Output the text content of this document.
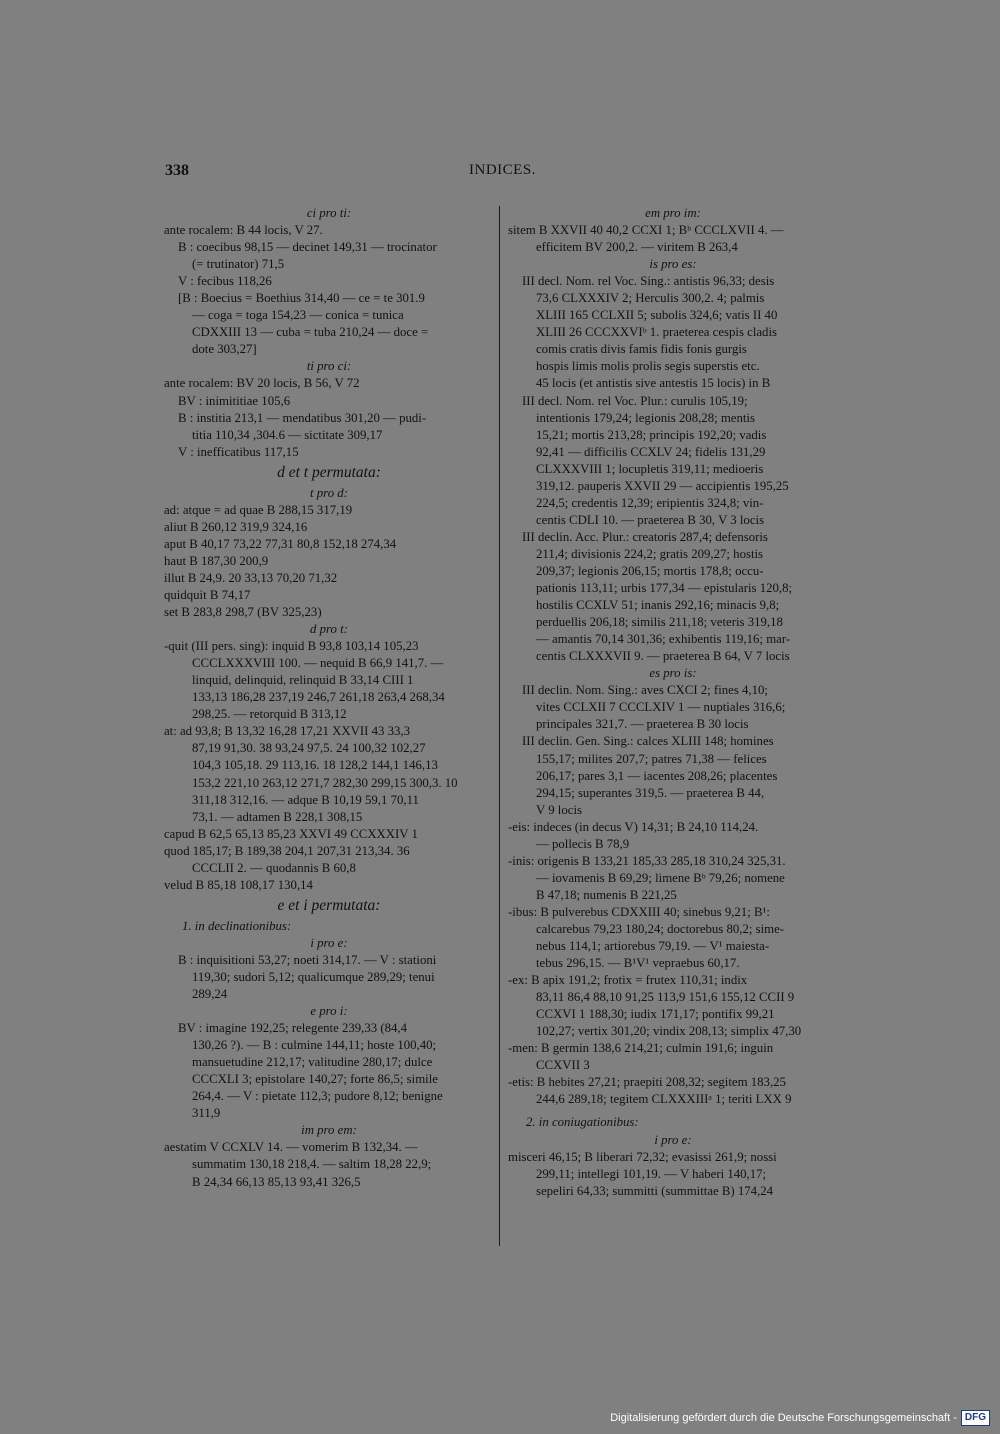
338	INDICES.
ci pro ti:
ante rocalem: B 44 locis, V 27.
B : coecibus 98,15 — decinet 149,31 — trocinator
(= trutinator) 71,5
V : fecibus 118,26
[B : Boecius = Boethius 314,40 — ce = te 301.9
— coga = toga 154,23 — conica = tunica
CDXXIII 13 — cuba = tuba 210,24 — doce =
dote 303,27]
ti pro ci:
ante rocalem: BV 20 locis, B 56, V 72
BV : inimititiae 105,6
B : institia 213,1 — mendatibus 301,20 — pudi-
titia 110,34 ,304.6 — sictitate 309,17
V : inefficatibus 117,15
d et t permutata:
t pro d:
ad: atque = ad quae B 288,15 317,19
aliut B 260,12 319,9 324,16
aput B 40,17 73,22 77,31 80,8 152,18 274,34
haut B 187,30 200,9
illut B 24,9. 20 33,13 70,20 71,32
quidquit B 74,17
set B 283,8 298,7 (BV 325,23)
d pro t:
-quit (III pers. sing): inquid B 93,8 103,14 105,23
CCCLXXXVIII 100. — nequid B 66,9 141,7. —
linquid, delinquid, relinquid B 33,14 CIII 1
133,13 186,28 237,19 246,7 261,18 263,4 268,34
298,25. — retorquid B 313,12
at: ad 93,8; B 13,32 16,28 17,21 XXVII 43 33,3
87,19 91,30. 38 93,24 97,5. 24 100,32 102,27
104,3 105,18. 29 113,16. 18 128,2 144,1 146,13
153,2 221,10 263,12 271,7 282,30 299,15 300,3. 10
311,18 312,16. — adque B 10,19 59,1 70,11
73,1. — adtamen B 228,1 308,15
capud B 62,5 65,13 85,23 XXVI 49 CCXXXIV 1
quod 185,17; B 189,38 204,1 207,31 213,34. 36
CCCLII 2. — quodannis B 60,8
velud B 85,18 108,17 130,14
e et i permutata:
1. in declinationibus:
i pro e:
B : inquisitioni 53,27; noeti 314,17. — V : stationi
119,30; sudori 5,12; qualicumque 289,29; tenui
289,24
e pro i:
BV : imagine 192,25; relegente 239,33 (84,4
130,26 ?). — B : culmine 144,11; hoste 100,40;
mansuetudine 212,17; valitudine 280,17; dulce
CCCXLI 3; epistolare 140,27; forte 86,5; simile
264,4. — V : pietate 112,3; pudore 8,12; benigne
311,9
im pro em:
aestatim V CCXLV 14. — vomerim B 132,34. —
summatim 130,18 218,4. — saltim 18,28 22,9;
B 24,34 66,13 85,13 93,41 326,5
em pro im:
sitem B XXVII 40 40,2 CCXI 1; Bᵇ CCCLXVII 4. —
efficitem BV 200,2. — viritem B 263,4
is pro es:
III decl. Nom. rel Voc. Sing.: antistis 96,33; desis
73,6 CLXXXIV 2; Herculis 300,2. 4; palmis
XLIII 165 CCLXII 5; subolis 324,6; vatis II 40
XLIII 26 CCCXXVIᵇ 1. praeterea cespis cladis
comis cratis divis famis fidis fonis gurgis
hospis limis molis prolis segis superstis etc.
45 locis (et antistis sive antestis 15 locis) in B
III decl. Nom. rel Voc. Plur.: curulis 105,19;
intentionis 179,24; legionis 208,28; mentis
15,21; mortis 213,28; principis 192,20; vadis
92,41 — difficilis CCXLV 24; fidelis 131,29
CLXXXVIII 1; locupletis 319,11; medioeris
319,12. pauperis XXVII 29 — accipientis 195,25
224,5; credentis 12,39; eripientis 324,8; vin-
centis CDLI 10. — praeterea B 30, V 3 locis
III declin. Acc. Plur.: creatoris 287,4; defensoris
211,4; divisionis 224,2; gratis 209,27; hostis
209,37; legionis 206,15; mortis 178,8; occu-
pationis 113,11; urbis 177,34 — epistularis 120,8;
hostilis CCXLV 51; inanis 292,16; minacis 9,8;
perduellis 206,18; similis 211,18; veteris 319,18
— amantis 70,14 301,36; exhibentis 119,16; mar-
centis CLXXXVII 9. — praeterea B 64, V 7 locis
es pro is:
III declin. Nom. Sing.: aves CXCI 2; fines 4,10;
vites CCLXII 7 CCCLXIV 1 — nuptiales 316,6;
principales 321,7. — praeterea B 30 locis
III declin. Gen. Sing.: calces XLIII 148; homines
155,17; milites 207,7; patres 71,38 — felices
206,17; pares 3,1 — iacentes 208,26; placentes
294,15; superantes 319,5. — praeterea B 44,
V 9 locis
-eis: indeces (in decus V) 14,31; B 24,10 114,24.
— pollecis B 78,9
-inis: origenis B 133,21 185,33 285,18 310,24 325,31.
— iovamenis B 69,29; limene Bᵇ 79,26; nomene
B 47,18; numenis B 221,25
-ibus: B pulverebus CDXXIII 40; sinebus 9,21; B¹:
calcarebus 79,23 180,24; doctorebus 80,2; sime-
nebus 114,1; artiorebus 79,19. — V¹ maiesta-
tebus 296,15. — B¹V¹ vepraebus 60,17.
-ex: B apix 191,2; frotix = frutex 110,31; indix
83,11 86,4 88,10 91,25 113,9 151,6 155,12 CCII 9
CCXVI 1 188,30; iudix 171,17; pontifix 99,21
102,27; vertix 301,20; vindix 208,13; simplix 47,30
-men: B germin 138,6 214,21; culmin 191,6; inguin
CCXVII 3
-etis: B hebites 27,21; praepiti 208,32; segitem 183,25
244,6 289,18; tegitem CLXXXIIIᵃ 1; teriti LXX 9
2. in coniugationibus:
i pro e:
misceri 46,15; B liberari 72,32; evasissi 261,9; nossi
299,11; intellegi 101,19. — V haberi 140,17;
sepeliri 64,33; summitti (summittae B) 174,24
Digitalisierung gefördert durch die Deutsche Forschungsgemeinschaft - DFG
